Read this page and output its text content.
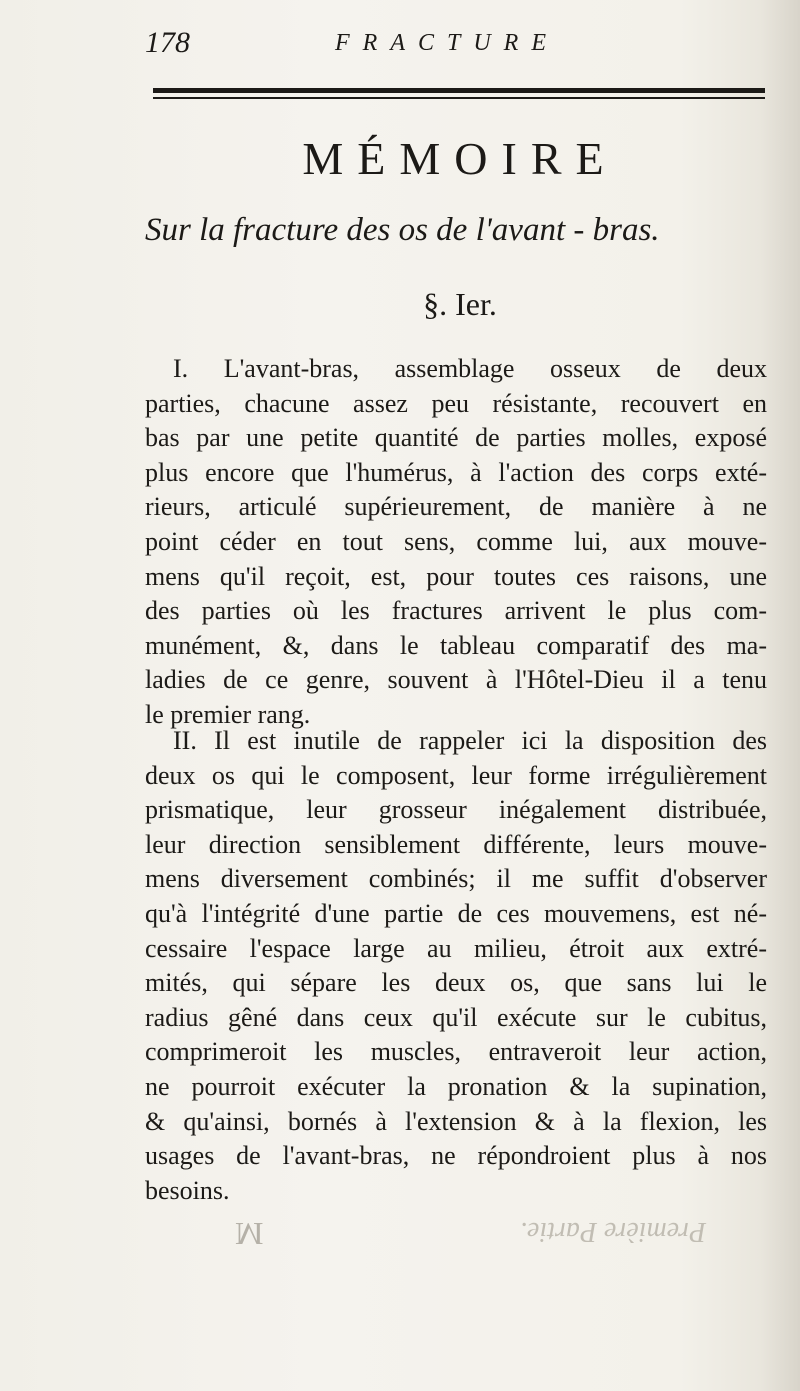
178	FRACTURE
MÉMOIRE
Sur la fracture des os de l'avant - bras.
§. Ier.
I. L'avant-bras, assemblage osseux de deux
parties, chacune assez peu résistante, recouvert en
bas par une petite quantité de parties molles, exposé
plus encore que l'humérus, à l'action des corps exté-
rieurs, articulé supérieurement, de manière à ne
point céder en tout sens, comme lui, aux mouve-
mens qu'il reçoit, est, pour toutes ces raisons, une
des parties où les fractures arrivent le plus com-
munément, &, dans le tableau comparatif des ma-
ladies de ce genre, souvent à l'Hôtel-Dieu il a tenu
le premier rang.
II. Il est inutile de rappeler ici la disposition des
deux os qui le composent, leur forme irrégulièrement
prismatique, leur grosseur inégalement distribuée,
leur direction sensiblement différente, leurs mouve-
mens diversement combinés; il me suffit d'observer
qu'à l'intégrité d'une partie de ces mouvemens, est né-
cessaire l'espace large au milieu, étroit aux extré-
mités, qui sépare les deux os, que sans lui le
radius gêné dans ceux qu'il exécute sur le cubitus,
comprimeroit les muscles, entraveroit leur action,
ne pourroit exécuter la pronation & la supination,
& qu'ainsi, bornés à l'extension & à la flexion, les
usages de l'avant-bras, ne répondroient plus à nos
besoins.
M	Première Partie.
